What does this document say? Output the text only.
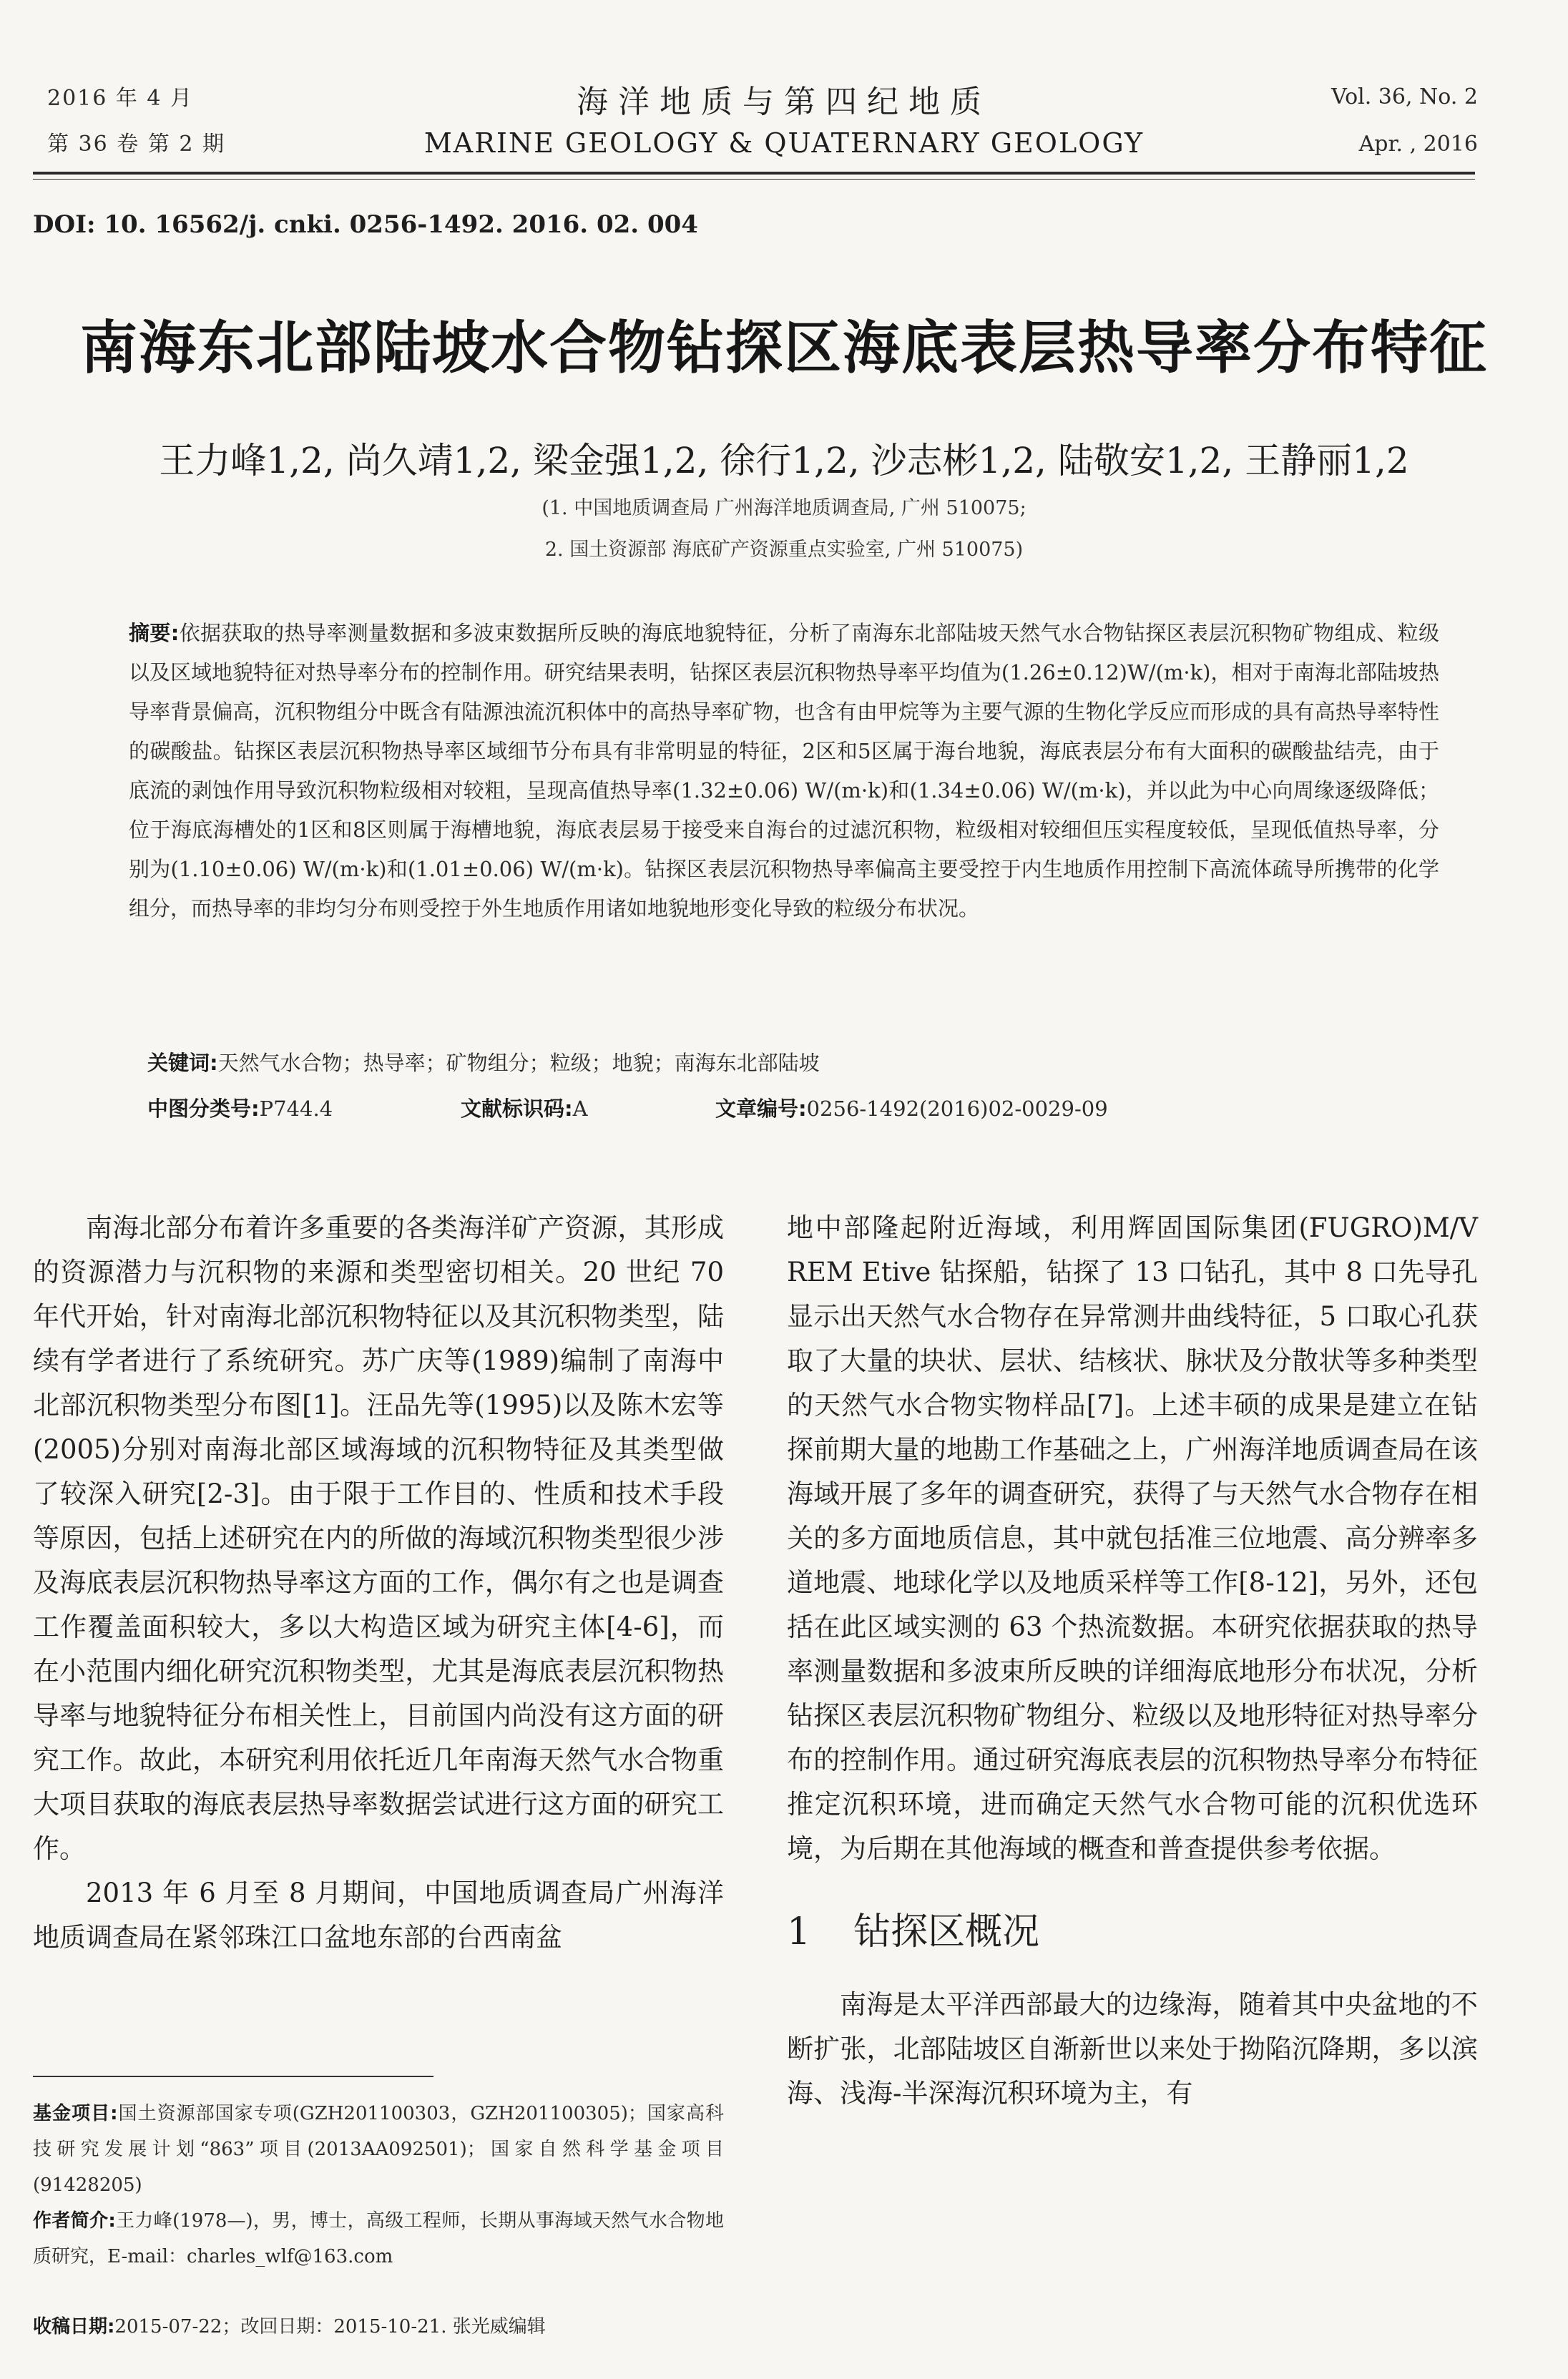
2016 年 4 月
第 36 卷 第 2 期
海洋地质与第四纪地质
MARINE GEOLOGY & QUATERNARY GEOLOGY
Vol. 36, No. 2
Apr. , 2016
DOI: 10. 16562/j. cnki. 0256-1492. 2016. 02. 004
南海东北部陆坡水合物钻探区海底表层热导率分布特征
王力峰1,2, 尚久靖1,2, 梁金强1,2, 徐行1,2, 沙志彬1,2, 陆敬安1,2, 王静丽1,2
(1. 中国地质调查局 广州海洋地质调查局, 广州 510075;
2. 国土资源部 海底矿产资源重点实验室, 广州 510075)
摘要:依据获取的热导率测量数据和多波束数据所反映的海底地貌特征，分析了南海东北部陆坡天然气水合物钻探区表层沉积物矿物组成、粒级以及区域地貌特征对热导率分布的控制作用。研究结果表明，钻探区表层沉积物热导率平均值为(1.26±0.12)W/(m·k)，相对于南海北部陆坡热导率背景偏高，沉积物组分中既含有陆源浊流沉积体中的高热导率矿物，也含有由甲烷等为主要气源的生物化学反应而形成的具有高热导率特性的碳酸盐。钻探区表层沉积物热导率区域细节分布具有非常明显的特征，2区和5区属于海台地貌，海底表层分布有大面积的碳酸盐结壳，由于底流的剥蚀作用导致沉积物粒级相对较粗，呈现高值热导率(1.32±0.06) W/(m·k)和(1.34±0.06) W/(m·k)，并以此为中心向周缘逐级降低；位于海底海槽处的1区和8区则属于海槽地貌，海底表层易于接受来自海台的过滤沉积物，粒级相对较细但压实程度较低，呈现低值热导率，分别为(1.10±0.06) W/(m·k)和(1.01±0.06) W/(m·k)。钻探区表层沉积物热导率偏高主要受控于内生地质作用控制下高流体疏导所携带的化学组分，而热导率的非均匀分布则受控于外生地质作用诸如地貌地形变化导致的粒级分布状况。
关键词:天然气水合物；热导率；矿物组分；粒级；地貌；南海东北部陆坡
中图分类号:P744.4	文献标识码:A	文章编号:0256-1492(2016)02-0029-09

南海北部分布着许多重要的各类海洋矿产资源，其形成的资源潜力与沉积物的来源和类型密切相关。20 世纪 70 年代开始，针对南海北部沉积物特征以及其沉积物类型，陆续有学者进行了系统研究。苏广庆等(1989)编制了南海中北部沉积物类型分布图[1]。汪品先等(1995)以及陈木宏等(2005)分别对南海北部区域海域的沉积物特征及其类型做了较深入研究[2-3]。由于限于工作目的、性质和技术手段等原因，包括上述研究在内的所做的海域沉积物类型很少涉及海底表层沉积物热导率这方面的工作，偶尔有之也是调查工作覆盖面积较大，多以大构造区域为研究主体[4-6]，而在小范围内细化研究沉积物类型，尤其是海底表层沉积物热导率与地貌特征分布相关性上，目前国内尚没有这方面的研究工作。故此，本研究利用依托近几年南海天然气水合物重大项目获取的海底表层热导率数据尝试进行这方面的研究工作。

2013 年 6 月至 8 月期间，中国地质调查局广州海洋地质调查局在紧邻珠江口盆地东部的台西南盆

地中部隆起附近海域，利用辉固国际集团(FUGRO)M/V REM Etive 钻探船，钻探了 13 口钻孔，其中 8 口先导孔显示出天然气水合物存在异常测井曲线特征，5 口取心孔获取了大量的块状、层状、结核状、脉状及分散状等多种类型的天然气水合物实物样品[7]。上述丰硕的成果是建立在钻探前期大量的地勘工作基础之上，广州海洋地质调查局在该海域开展了多年的调查研究，获得了与天然气水合物存在相关的多方面地质信息，其中就包括准三位地震、高分辨率多道地震、地球化学以及地质采样等工作[8-12]，另外，还包括在此区域实测的 63 个热流数据。本研究依据获取的热导率测量数据和多波束所反映的详细海底地形分布状况，分析钻探区表层沉积物矿物组分、粒级以及地形特征对热导率分布的控制作用。通过研究海底表层的沉积物热导率分布特征推定沉积环境，进而确定天然气水合物可能的沉积优选环境，为后期在其他海域的概查和普查提供参考依据。

1 钻探区概况

南海是太平洋西部最大的边缘海，随着其中央盆地的不断扩张，北部陆坡区自渐新世以来处于拗陷沉降期，多以滨海、浅海-半深海沉积环境为主，有

基金项目:国土资源部国家专项(GZH201100303，GZH201100305)；国家高科技研究发展计划“863”项目(2013AA092501)；国家自然科学基金项目(91428205)
作者简介:王力峰(1978—)，男，博士，高级工程师，长期从事海域天然气水合物地质研究，E-mail：charles_wlf@163.com
收稿日期:2015-07-22；改回日期：2015-10-21. 张光威编辑
